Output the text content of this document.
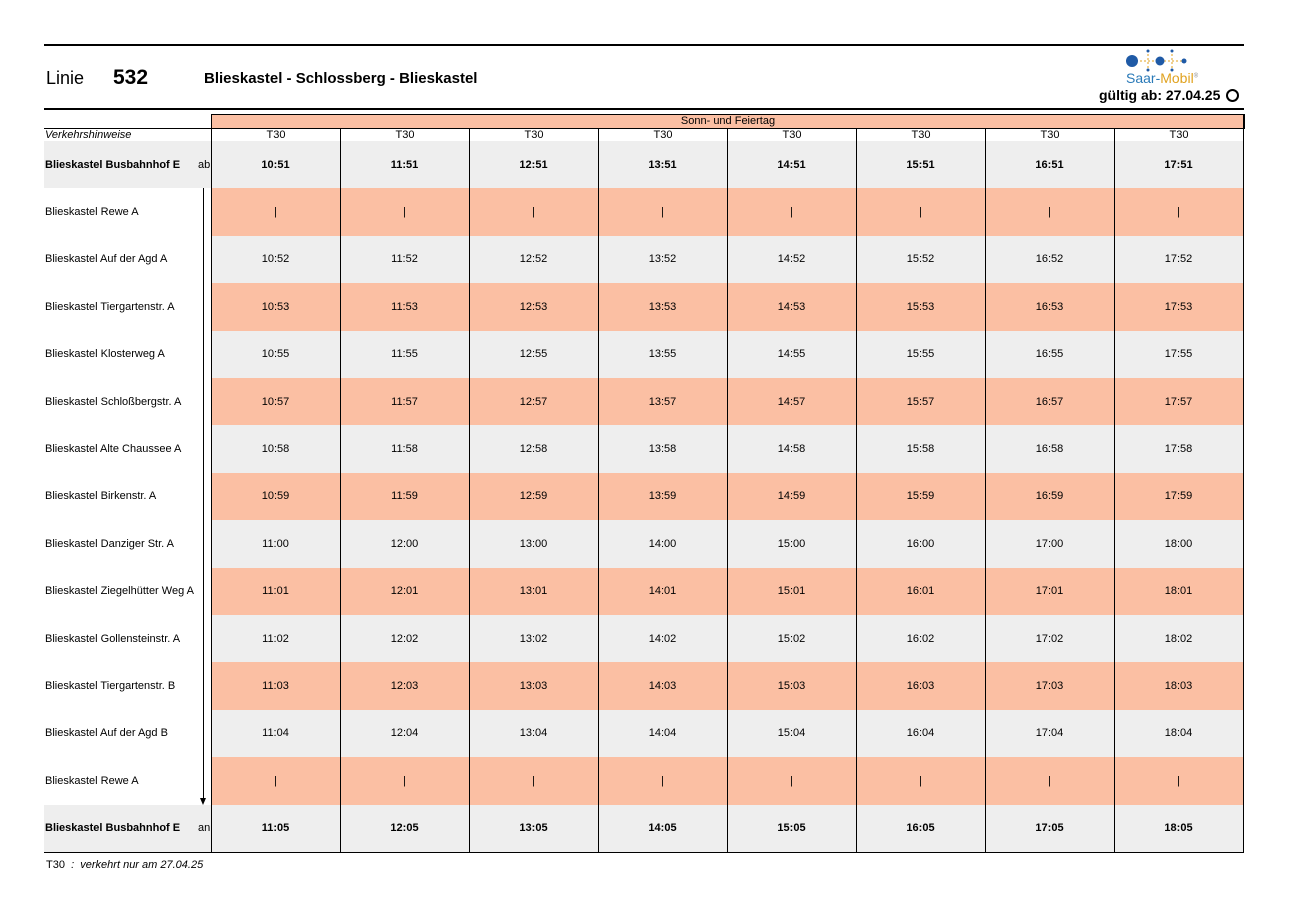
Linie 532	Blieskastel - Schlossberg - Blieskastel	Saar-Mobil®
gültig ab: 27.04.25
Sonn- und Feiertag
Verkehrshinweise	T30	T30	T30	T30	T30	T30	T30	T30
Blieskastel Busbahnhof E ab	10:51	11:51	12:51	13:51	14:51	15:51	16:51	17:51
Blieskastel Rewe A	|	|	|	|	|	|	|	|
Blieskastel Auf der Agd A	10:52	11:52	12:52	13:52	14:52	15:52	16:52	17:52
Blieskastel Tiergartenstr. A	10:53	11:53	12:53	13:53	14:53	15:53	16:53	17:53
Blieskastel Klosterweg A	10:55	11:55	12:55	13:55	14:55	15:55	16:55	17:55
Blieskastel Schloßbergstr. A	10:57	11:57	12:57	13:57	14:57	15:57	16:57	17:57
Blieskastel Alte Chaussee A	10:58	11:58	12:58	13:58	14:58	15:58	16:58	17:58
Blieskastel Birkenstr. A	10:59	11:59	12:59	13:59	14:59	15:59	16:59	17:59
Blieskastel Danziger Str. A	11:00	12:00	13:00	14:00	15:00	16:00	17:00	18:00
Blieskastel Ziegelhütter Weg A	11:01	12:01	13:01	14:01	15:01	16:01	17:01	18:01
Blieskastel Gollensteinstr. A	11:02	12:02	13:02	14:02	15:02	16:02	17:02	18:02
Blieskastel Tiergartenstr. B	11:03	12:03	13:03	14:03	15:03	16:03	17:03	18:03
Blieskastel Auf der Agd B	11:04	12:04	13:04	14:04	15:04	16:04	17:04	18:04
Blieskastel Rewe A	|	|	|	|	|	|	|	|
Blieskastel Busbahnhof E an	11:05	12:05	13:05	14:05	15:05	16:05	17:05	18:05
T30 : verkehrt nur am 27.04.25
